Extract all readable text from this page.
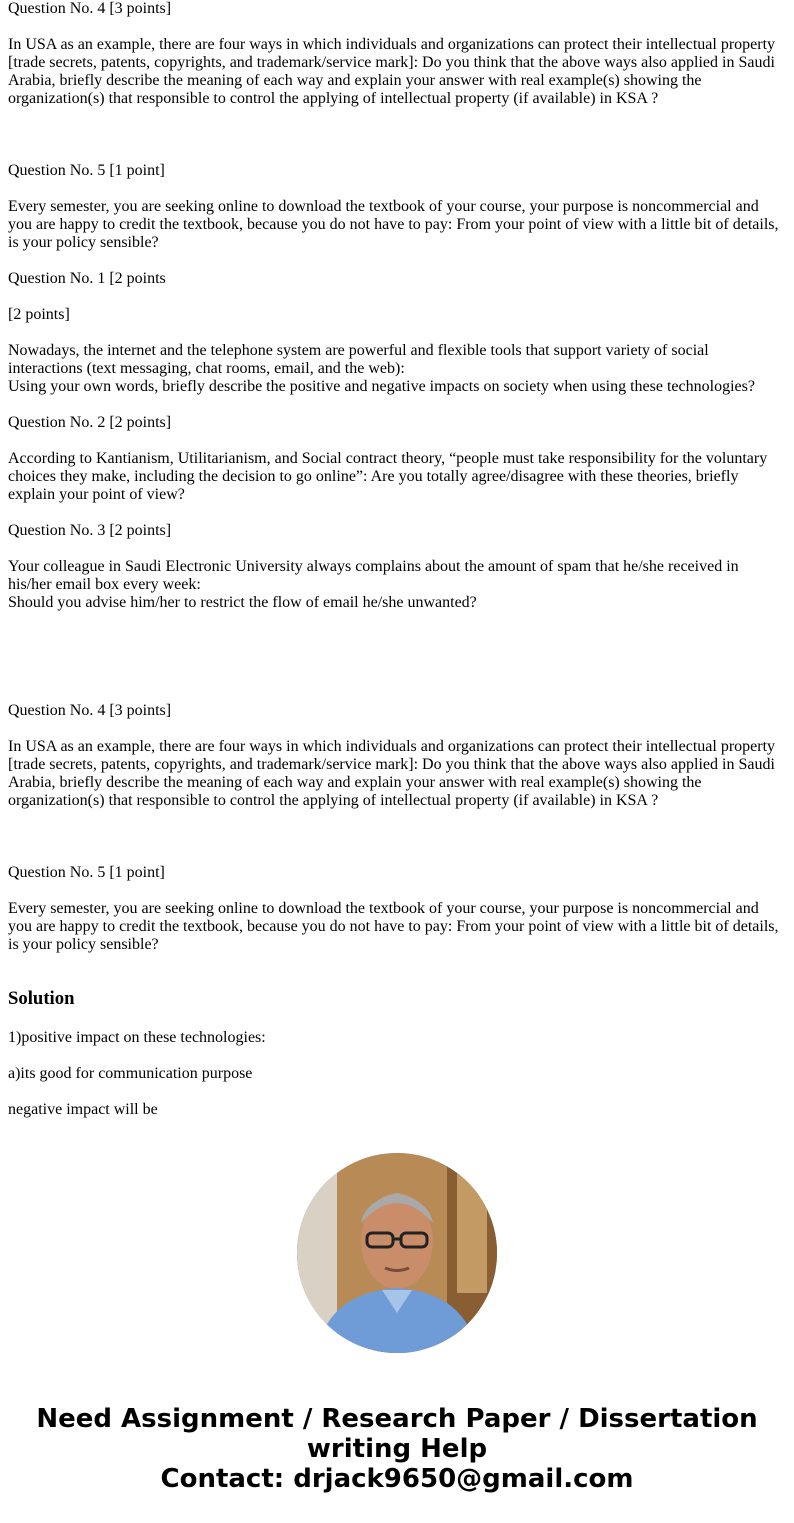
Question No. 4 [3 points]

In USA as an example, there are four ways in which individuals and organizations can protect their intellectual property [trade secrets, patents, copyrights, and trademark/service mark]: Do you think that the above ways also applied in Saudi Arabia, briefly describe the meaning of each way and explain your answer with real example(s) showing the organization(s) that responsible to control the applying of intellectual property (if available) in KSA ?

Question No. 5 [1 point]

Every semester, you are seeking online to download the textbook of your course, your purpose is noncommercial and you are happy to credit the textbook, because you do not have to pay: From your point of view with a little bit of details, is your policy sensible?

Question No. 1 [2 points

[2 points]

Nowadays, the internet and the telephone system are powerful and flexible tools that support variety of social interactions (text messaging, chat rooms, email, and the web):
Using your own words, briefly describe the positive and negative impacts on society when using these technologies?

Question No. 2 [2 points]

According to Kantianism, Utilitarianism, and Social contract theory, “people must take responsibility for the voluntary choices they make, including the decision to go online”: Are you totally agree/disagree with these theories, briefly explain your point of view?

Question No. 3 [2 points]

Your colleague in Saudi Electronic University always complains about the amount of spam that he/she received in his/her email box every week:
Should you advise him/her to restrict the flow of email he/she unwanted?

Question No. 4 [3 points]

In USA as an example, there are four ways in which individuals and organizations can protect their intellectual property [trade secrets, patents, copyrights, and trademark/service mark]: Do you think that the above ways also applied in Saudi Arabia, briefly describe the meaning of each way and explain your answer with real example(s) showing the organization(s) that responsible to control the applying of intellectual property (if available) in KSA ?

Question No. 5 [1 point]

Every semester, you are seeking online to download the textbook of your course, your purpose is noncommercial and you are happy to credit the textbook, because you do not have to pay: From your point of view with a little bit of details, is your policy sensible?

Solution

1)positive impact on these technologies:

a)its good for communication purpose

negative impact will be

Need Assignment / Research Paper / Dissertation
writing Help
Contact: drjack9650@gmail.com
